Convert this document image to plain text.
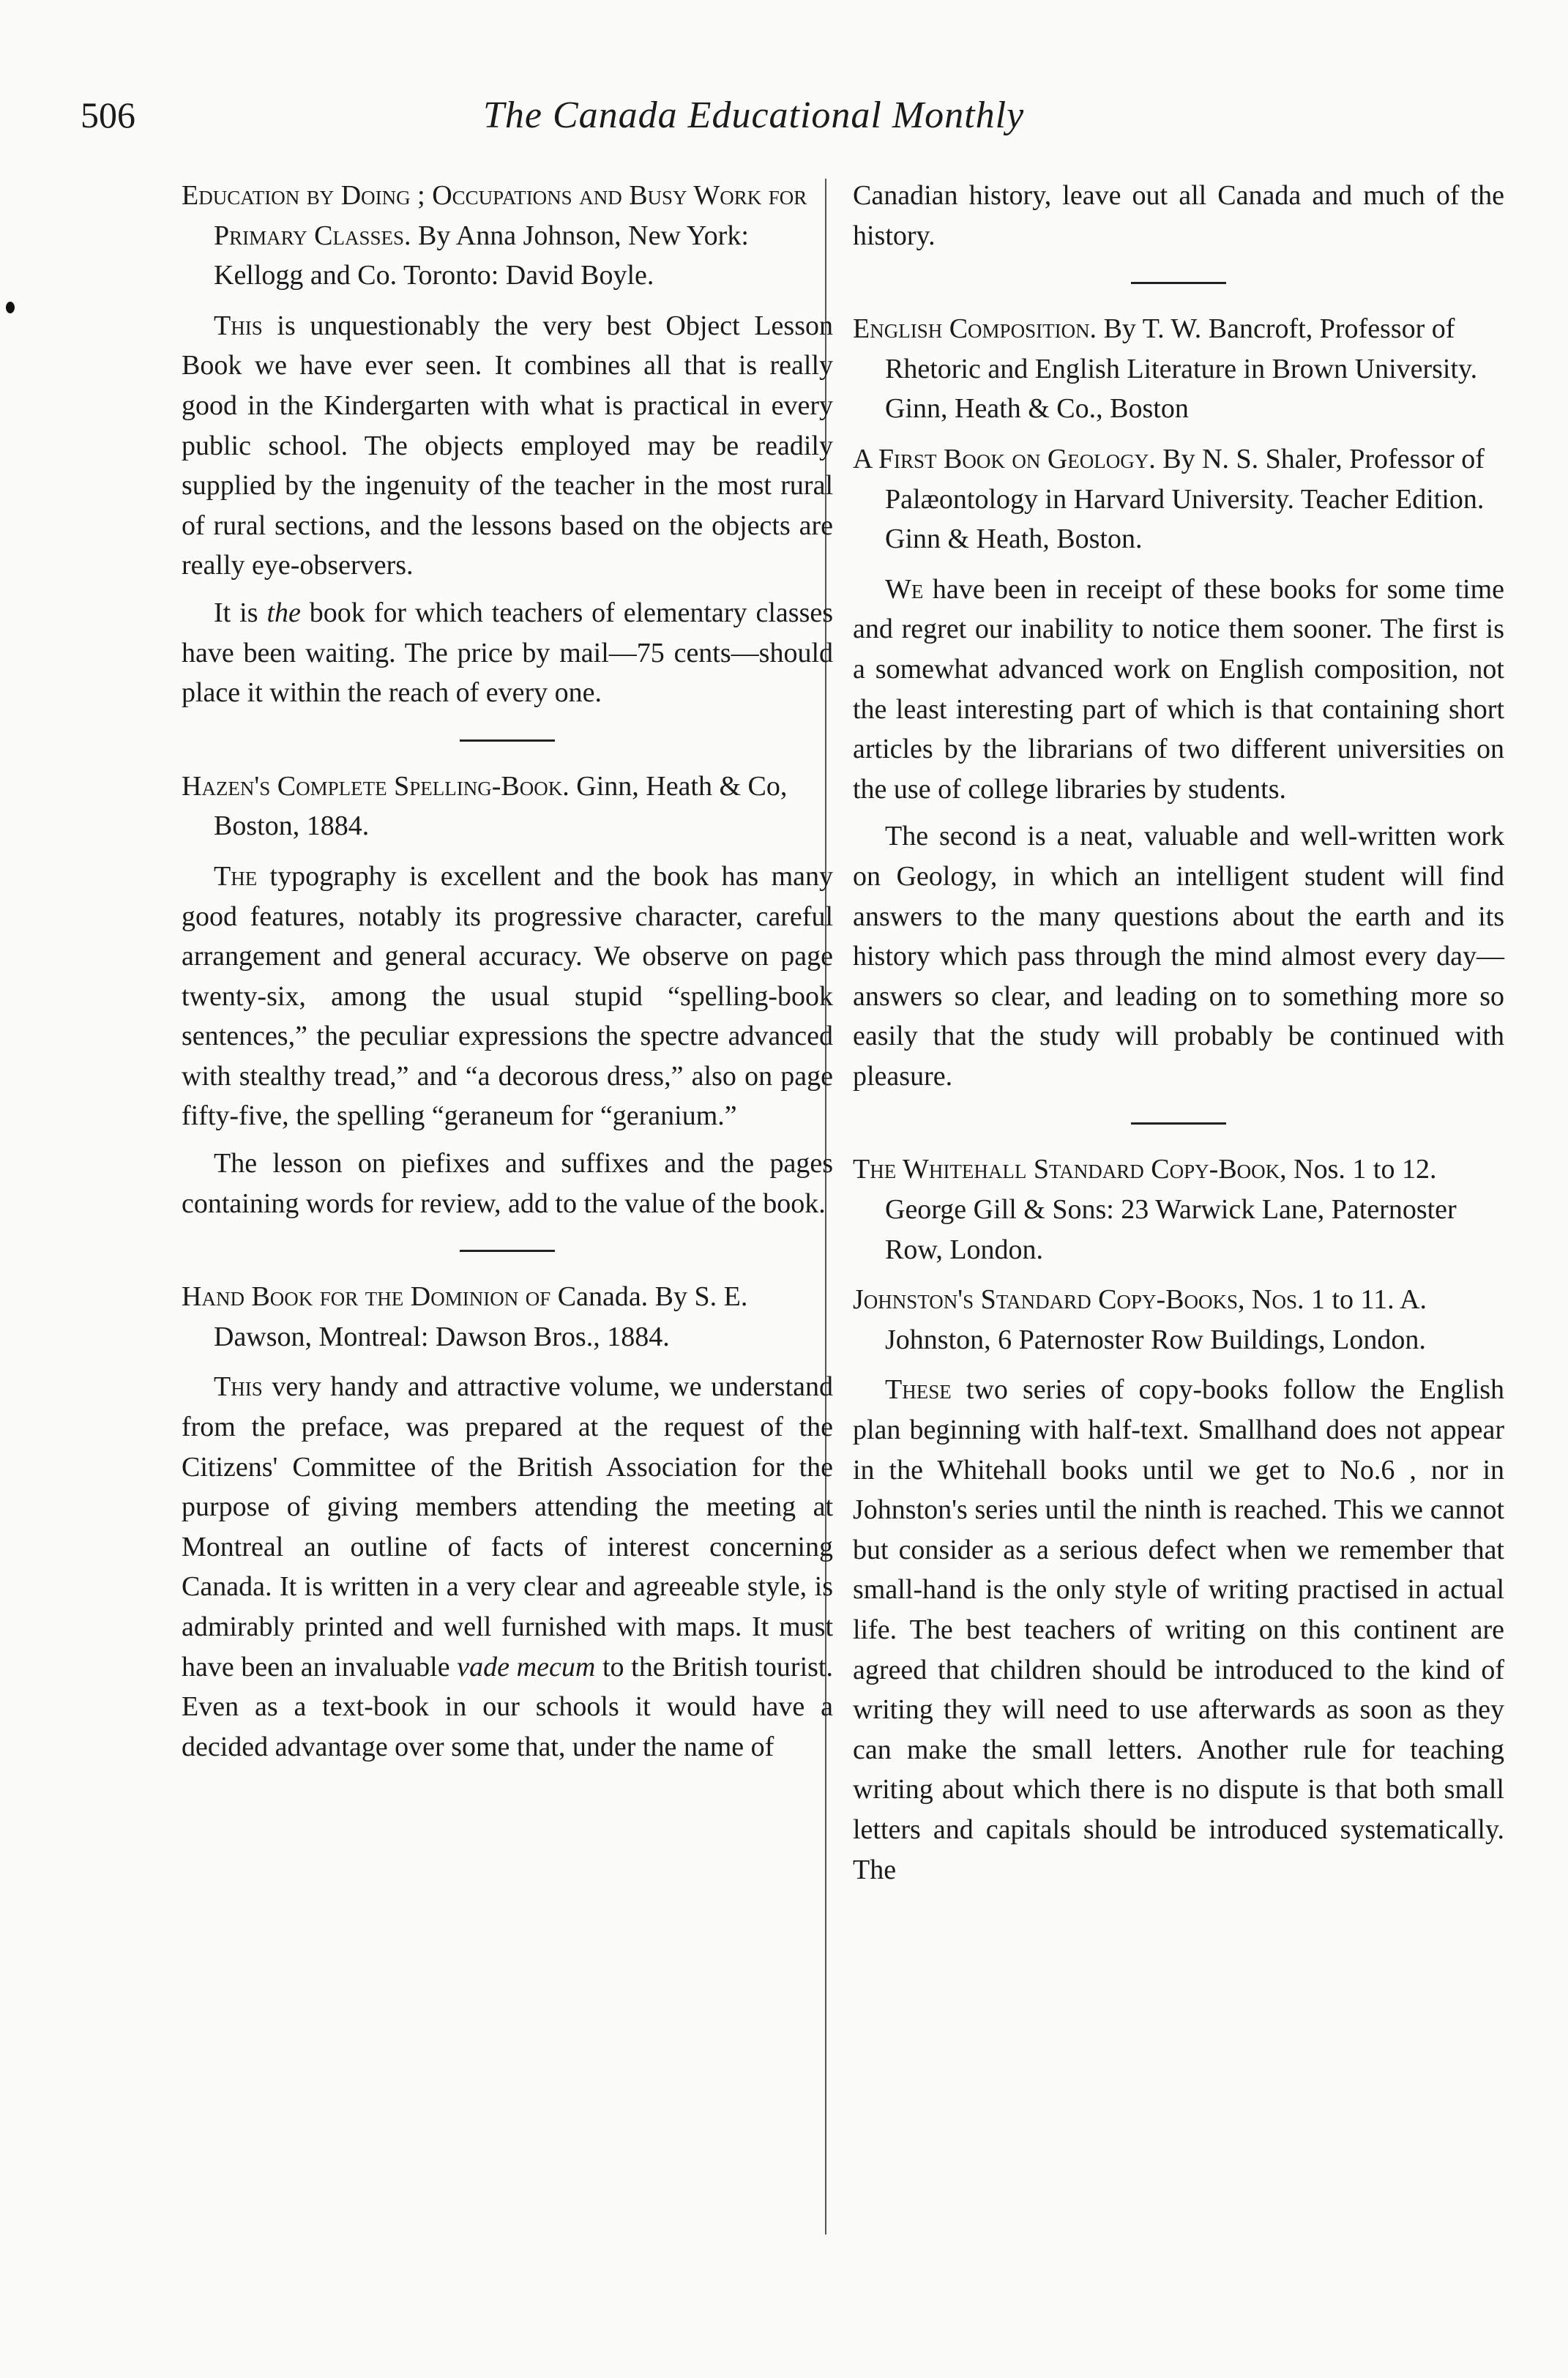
506	The Canada Educational Monthly

Education by Doing ; Occupations and Busy Work for Primary Classes. By Anna Johnson, New York: Kellogg and Co. Toronto: David Boyle.

This is unquestionably the very best Object Lesson Book we have ever seen. It combines all that is really good in the Kindergarten with what is practical in every public school. The objects employed may be readily supplied by the ingenuity of the teacher in the most rural of rural sections, and the lessons based on the objects are really eye-observers.

It is the book for which teachers of elementary classes have been waiting. The price by mail—75 cents—should place it within the reach of every one.

Hazen's Complete Spelling-Book. Ginn, Heath & Co, Boston, 1884.

The typography is excellent and the book has many good features, notably its progressive character, careful arrangement and general accuracy. We observe on page twenty-six, among the usual stupid “spelling-book sentences,” the peculiar expressions the spectre advanced with stealthy tread,” and “a decorous dress,” also on page fifty-five, the spelling “geraneum for “geranium.”

The lesson on piefixes and suffixes and the pages containing words for review, add to the value of the book.

Hand Book for the Dominion of Canada. By S. E. Dawson, Montreal: Dawson Bros., 1884.

This very handy and attractive volume, we understand from the preface, was prepared at the request of the Citizens' Committee of the British Association for the purpose of giving members attending the meeting at Montreal an outline of facts of interest concerning Canada. It is written in a very clear and agreeable style, is admirably printed and well furnished with maps. It must have been an invaluable vade mecum to the British tourist. Even as a text-book in our schools it would have a decided advantage over some that, under the name of

Canadian history, leave out all Canada and much of the history.

English Composition. By T. W. Bancroft, Professor of Rhetoric and English Literature in Brown University. Ginn, Heath & Co., Boston

A First Book on Geology. By N. S. Shaler, Professor of Palæontology in Harvard University. Teacher Edition. Ginn & Heath, Boston.

We have been in receipt of these books for some time and regret our inability to notice them sooner. The first is a somewhat advanced work on English composition, not the least interesting part of which is that containing short articles by the librarians of two different universities on the use of college libraries by students.

The second is a neat, valuable and well-written work on Geology, in which an intelligent student will find answers to the many questions about the earth and its history which pass through the mind almost every day—answers so clear, and leading on to something more so easily that the study will probably be continued with pleasure.

The Whitehall Standard Copy-Book, Nos. 1 to 12. George Gill & Sons: 23 Warwick Lane, Paternoster Row, London.

Johnston's Standard Copy-Books, Nos. 1 to 11. A. Johnston, 6 Paternoster Row Buildings, London.

These two series of copy-books follow the English plan beginning with half-text. Smallhand does not appear in the Whitehall books until we get to No.6 , nor in Johnston's series until the ninth is reached. This we cannot but consider as a serious defect when we remember that small-hand is the only style of writing practised in actual life. The best teachers of writing on this continent are agreed that children should be introduced to the kind of writing they will need to use afterwards as soon as they can make the small letters. Another rule for teaching writing about which there is no dispute is that both small letters and capitals should be introduced systematically. The
